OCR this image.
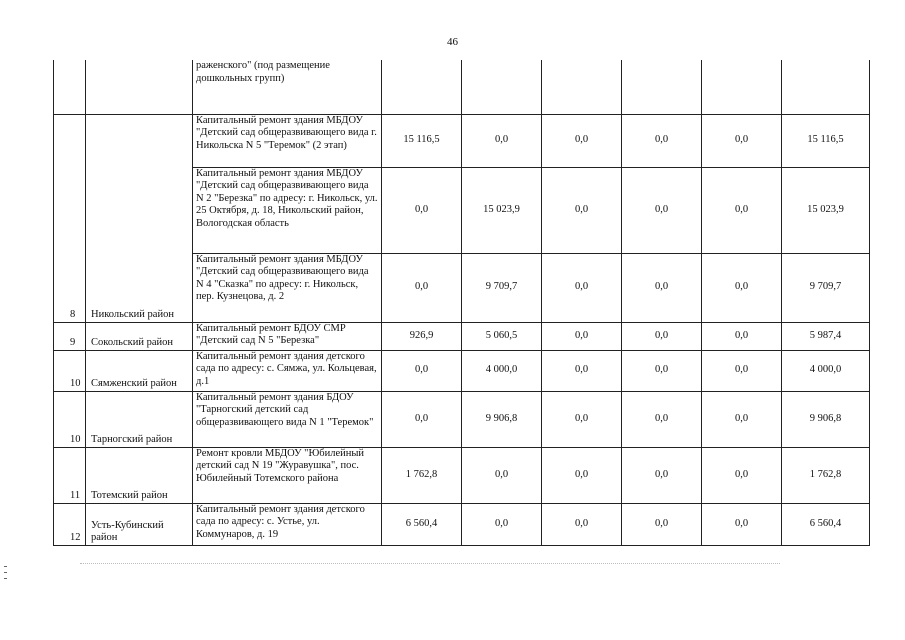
46
		раженского" (под размещение дошкольных групп)						
8	Никольский район	Капитальный ремонт здания МБДОУ "Детский сад общеразвивающего вида г. Никольска N 5 "Теремок" (2 этап)	15 116,5	0,0	0,0	0,0	0,0	15 116,5
		Капитальный ремонт здания МБДОУ "Детский сад общеразвивающего вида N 2 "Березка" по адресу: г. Никольск, ул. 25 Октября, д. 18, Никольский район, Вологодская область	0,0	15 023,9	0,0	0,0	0,0	15 023,9
		Капитальный ремонт здания МБДОУ "Детский сад общеразвивающего вида N 4 "Сказка" по адресу: г. Никольск, пер. Кузнецова, д. 2	0,0	9 709,7	0,0	0,0	0,0	9 709,7
9	Сокольский район	Капитальный ремонт БДОУ СМР "Детский сад N 5 "Березка"	926,9	5 060,5	0,0	0,0	0,0	5 987,4
10	Сямженский район	Капитальный ремонт здания детского сада по адресу: с. Сямжа, ул. Кольцевая, д.1	0,0	4 000,0	0,0	0,0	0,0	4 000,0
10	Тарногский район	Капитальный ремонт здания БДОУ "Тарногский детский сад общеразвивающего вида N 1 "Теремок"	0,0	9 906,8	0,0	0,0	0,0	9 906,8
11	Тотемский район	Ремонт кровли МБДОУ "Юбилейный детский сад N 19 "Журавушка", пос. Юбилейный Тотемского района	1 762,8	0,0	0,0	0,0	0,0	1 762,8
12	Усть-Кубинский район	Капитальный ремонт здания детского сада по адресу: с. Устье, ул. Коммунаров, д. 19	6 560,4	0,0	0,0	0,0	0,0	6 560,4
